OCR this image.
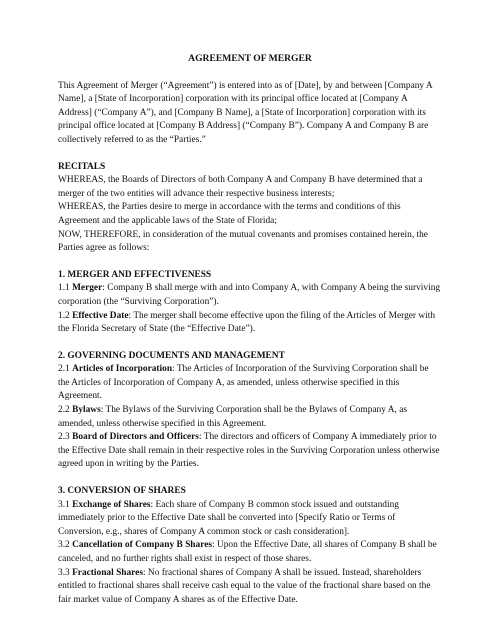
AGREEMENT OF MERGER

This Agreement of Merger (“Agreement”) is entered into as of [Date], by and between [Company A Name], a [State of Incorporation] corporation with its principal office located at [Company A Address] (“Company A”), and [Company B Name], a [State of Incorporation] corporation with its principal office located at [Company B Address] (“Company B”). Company A and Company B are collectively referred to as the “Parties.”

RECITALS

WHEREAS, the Boards of Directors of both Company A and Company B have determined that a merger of the two entities will advance their respective business interests;

WHEREAS, the Parties desire to merge in accordance with the terms and conditions of this Agreement and the applicable laws of the State of Florida;

NOW, THEREFORE, in consideration of the mutual covenants and promises contained herein, the Parties agree as follows:

1. MERGER AND EFFECTIVENESS

1.1 Merger: Company B shall merge with and into Company A, with Company A being the surviving corporation (the “Surviving Corporation”).

1.2 Effective Date: The merger shall become effective upon the filing of the Articles of Merger with the Florida Secretary of State (the “Effective Date”).

2. GOVERNING DOCUMENTS AND MANAGEMENT

2.1 Articles of Incorporation: The Articles of Incorporation of the Surviving Corporation shall be the Articles of Incorporation of Company A, as amended, unless otherwise specified in this Agreement.

2.2 Bylaws: The Bylaws of the Surviving Corporation shall be the Bylaws of Company A, as amended, unless otherwise specified in this Agreement.

2.3 Board of Directors and Officers: The directors and officers of Company A immediately prior to the Effective Date shall remain in their respective roles in the Surviving Corporation unless otherwise agreed upon in writing by the Parties.

3. CONVERSION OF SHARES

3.1 Exchange of Shares: Each share of Company B common stock issued and outstanding immediately prior to the Effective Date shall be converted into [Specify Ratio or Terms of Conversion, e.g., shares of Company A common stock or cash consideration].

3.2 Cancellation of Company B Shares: Upon the Effective Date, all shares of Company B shall be canceled, and no further rights shall exist in respect of those shares.

3.3 Fractional Shares: No fractional shares of Company A shall be issued. Instead, shareholders entitled to fractional shares shall receive cash equal to the value of the fractional share based on the fair market value of Company A shares as of the Effective Date.
